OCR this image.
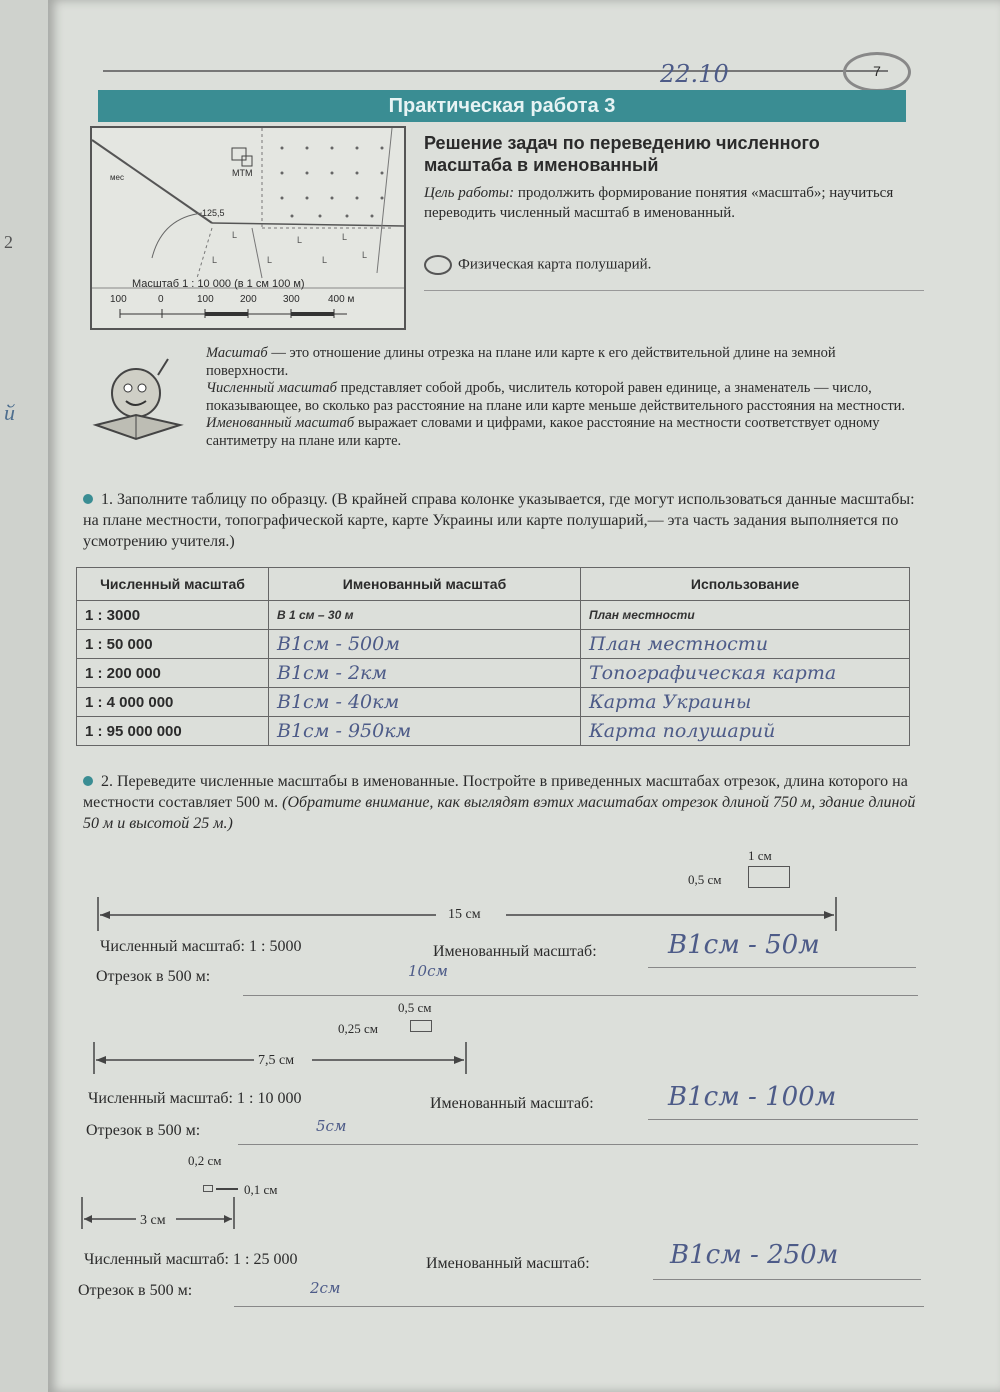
2
й
22.10	7
Практическая работа 3
L	L	L
L	L	L	L
МТМ
125,5
мес
Масштаб 1 : 10 000 (в 1 см 100 м)
100	0	100	200	300	400 м
Решение задач по переведению численного масштаба в именованный
Цель работы: продолжить формирование понятия «масштаб»; научиться переводить численный масштаб в именованный.
Физическая карта полушарий.
Масштаб — это отношение длины отрезка на плане или карте к его действительной длине на земной поверхности.
Численный масштаб представляет собой дробь, числитель которой равен единице, а знаменатель — число, показывающее, во сколько раз расстояние на плане или карте меньше действительного расстояния на местности.
Именованный масштаб выражает словами и цифрами, какое расстояние на местности соответствует одному сантиметру на плане или карте.
1. Заполните таблицу по образцу. (В крайней справа колонке указывается, где могут использоваться данные масштабы: на плане местности, топографической карте, карте Украины или карте полушарий,— эта часть задания выполняется по усмотрению учителя.)
Численный масштаб	Именованный масштаб	Использование
1 : 3000	В 1 см – 30 м	План местности
1 : 50 000	В1см - 500м	План местности
1 : 200 000	В1см - 2км	Топографическая карта
1 : 4 000 000	В1см - 40км	Карта Украины
1 : 95 000 000	В1см - 950км	Карта полушарий
2. Переведите численные масштабы в именованные. Постройте в приведенных масштабах отрезок, длина которого на местности составляет 500 м. (Обратите внимание, как выглядят вэтих масштабах отрезок длиной 750 м, здание длиной 50 м и высотой 25 м.)
1 см
0,5 см
15 см
Численный масштаб: 1 : 5000	Именованный масштаб:	В1см - 50м
Отрезок в 500 м:	10см
0,5 см
0,25 см
7,5 см
Численный масштаб: 1 : 10 000	Именованный масштаб:	В1см - 100м
Отрезок в 500 м:	5см
0,2 см
0,1 см
3 см
Численный масштаб: 1 : 25 000	Именованный масштаб:	В1см - 250м
Отрезок в 500 м:	2см
